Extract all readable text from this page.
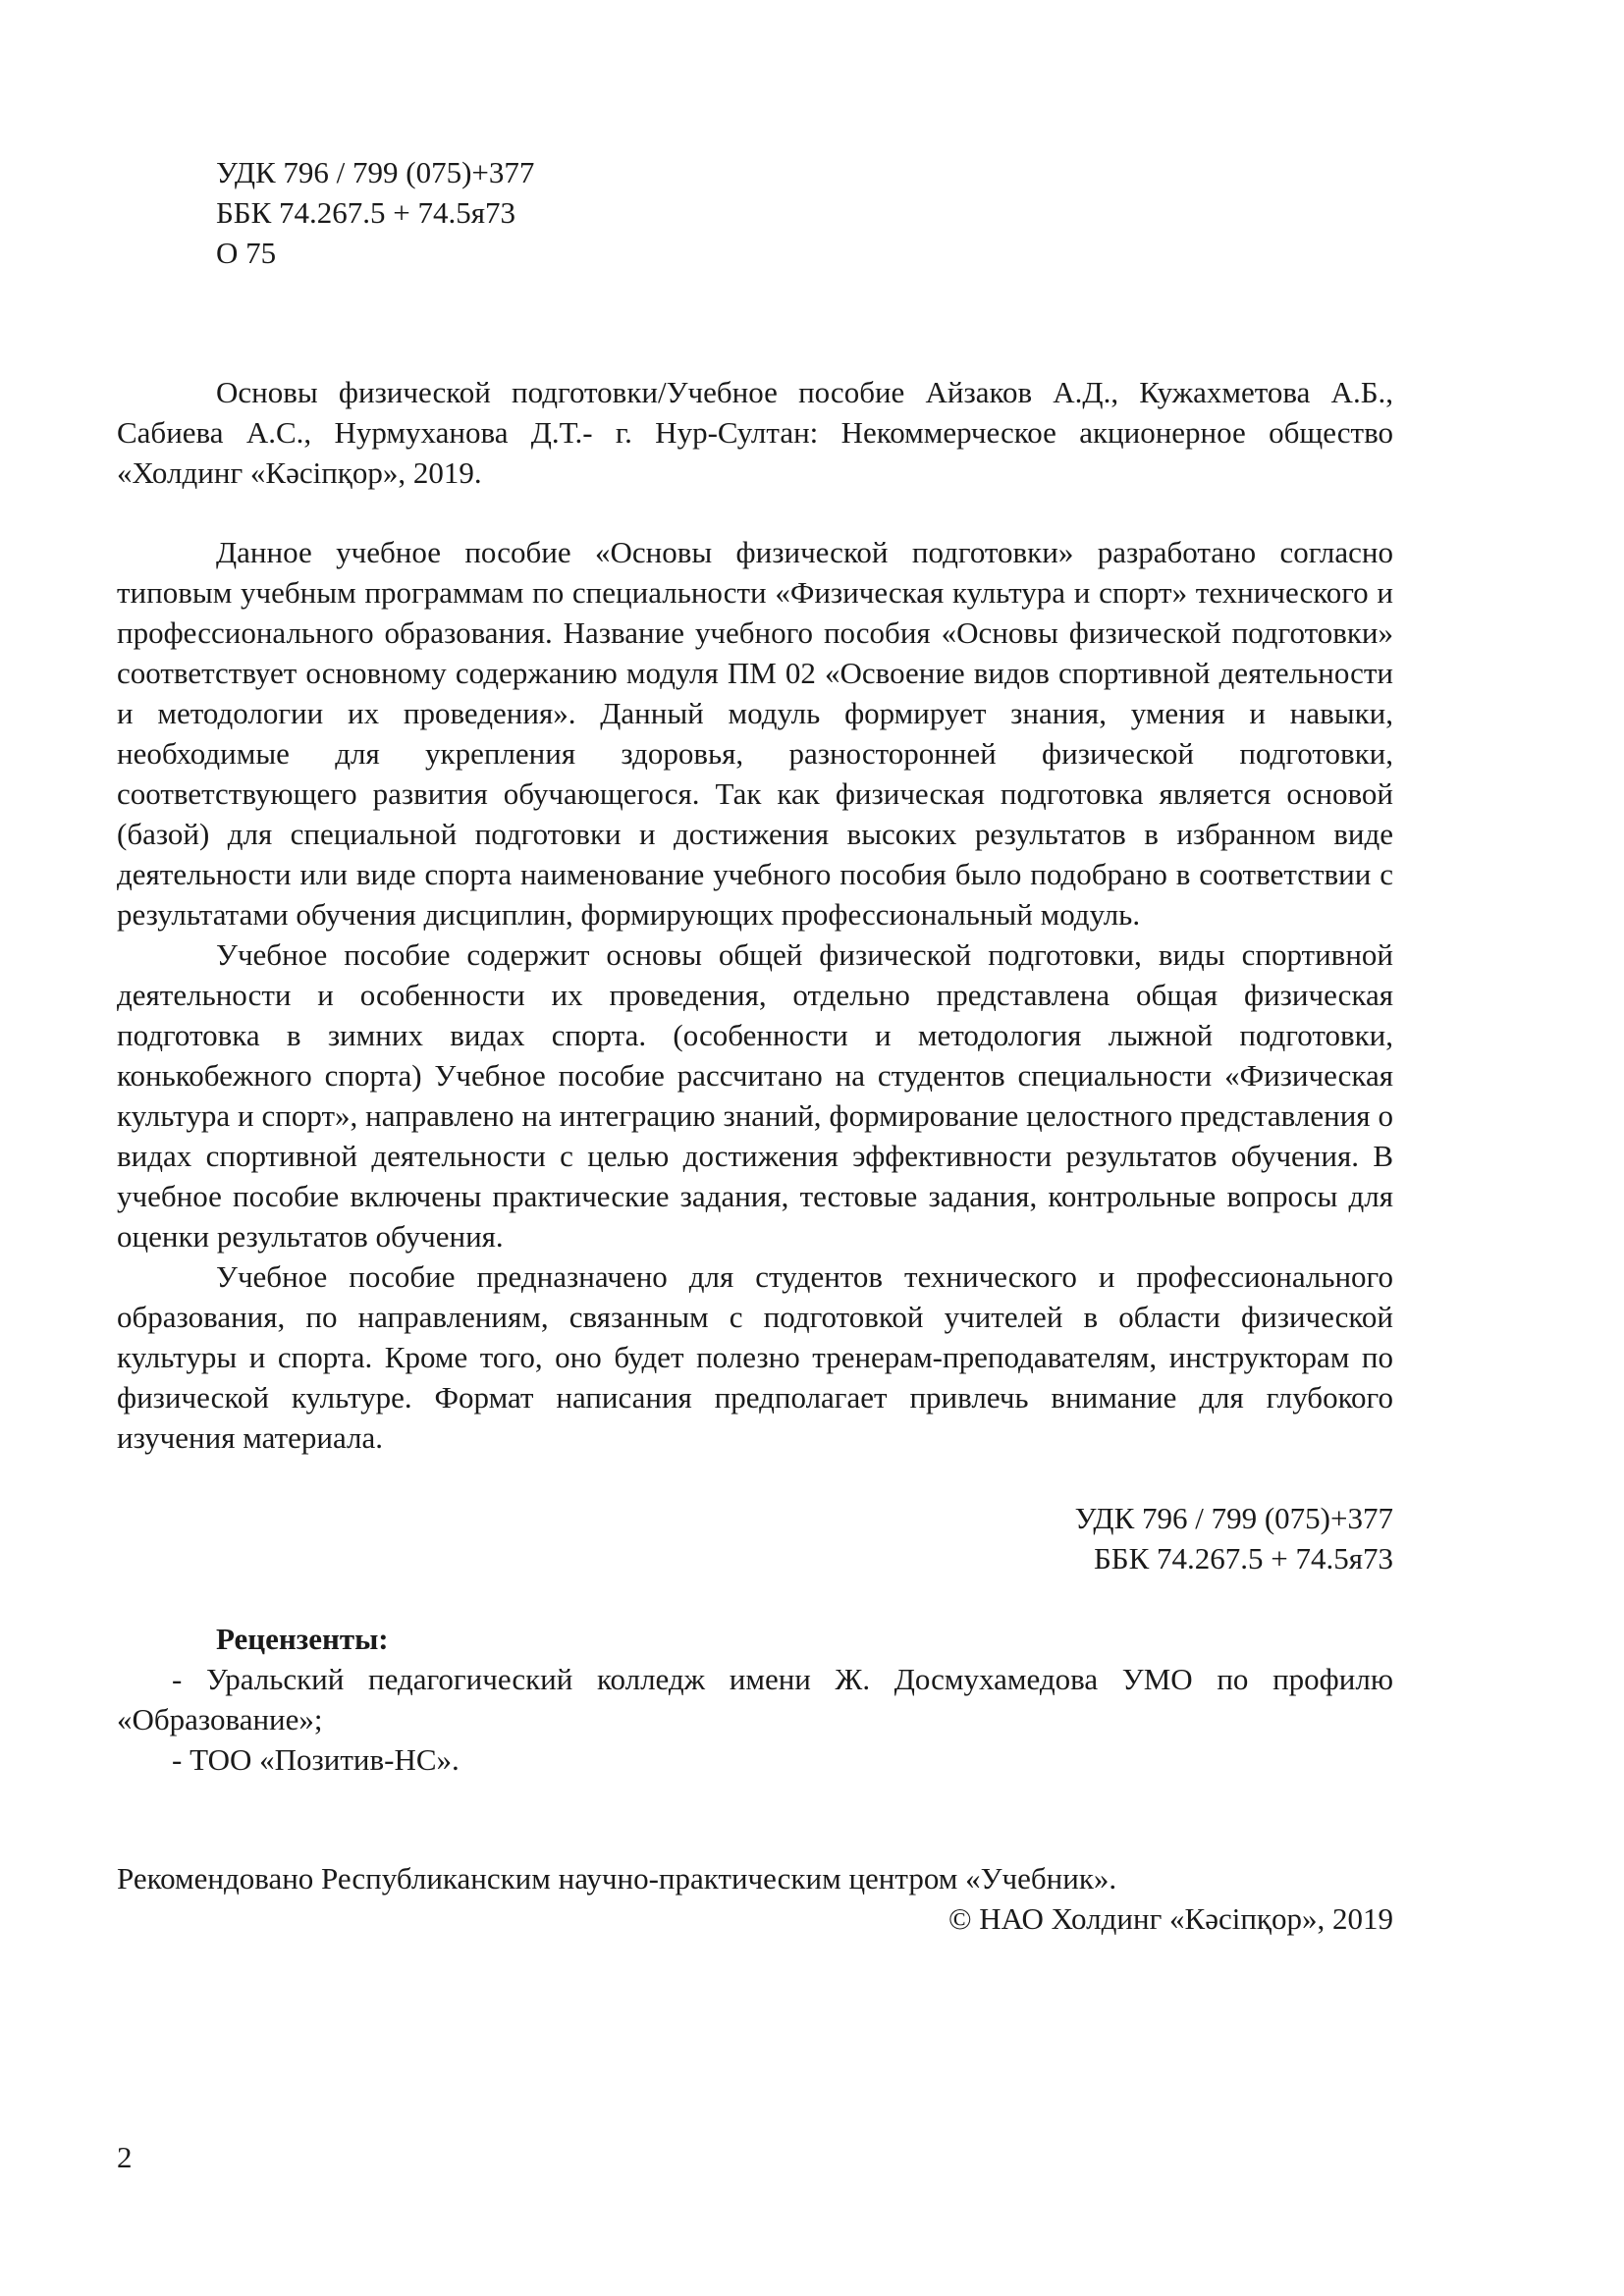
УДК 796 / 799 (075)+377
ББК 74.267.5 + 74.5я73
О 75
Основы физической подготовки/Учебное пособие Айзаков А.Д., Кужахметова А.Б., Сабиева А.С., Нурмуханова Д.Т.- г. Нур-Султан: Некоммерческое акционерное общество «Холдинг «Кәсіпқор», 2019.

Данное учебное пособие «Основы физической подготовки» разработано согласно типовым учебным программам по специальности «Физическая культура и спорт» технического и профессионального образования. Название учебного пособия «Основы физической подготовки» соответствует основному содержанию модуля ПМ 02 «Освоение видов спортивной деятельности и методологии их проведения». Данный модуль формирует знания, умения и навыки, необходимые для укрепления здоровья, разносторонней физической подготовки, соответствующего развития обучающегося. Так как физическая подготовка является основой (базой) для специальной подготовки и достижения высоких результатов в избранном виде деятельности или виде спорта наименование учебного пособия было подобрано в соответствии с результатами обучения дисциплин, формирующих профессиональный модуль.

Учебное пособие содержит основы общей физической подготовки, виды спортивной деятельности и особенности их проведения, отдельно представлена общая физическая подготовка в зимних видах спорта. (особенности и методология лыжной подготовки, конькобежного спорта) Учебное пособие рассчитано на студентов специальности «Физическая культура и спорт», направлено на интеграцию знаний, формирование целостного представления о видах спортивной деятельности с целью достижения эффективности результатов обучения. В учебное пособие включены практические задания, тестовые задания, контрольные вопросы для оценки результатов обучения.

Учебное пособие предназначено для студентов технического и профессионального образования, по направлениям, связанным с подготовкой учителей в области физической культуры и спорта. Кроме того, оно будет полезно тренерам-преподавателям, инструкторам по физической культуре. Формат написания предполагает привлечь внимание для глубокого изучения материала.

УДК 796 / 799 (075)+377
ББК 74.267.5 + 74.5я73
Рецензенты:
- Уральский педагогический колледж имени Ж. Досмухамедова УМО по профилю «Образование»;
- ТОО «Позитив-НС».
Рекомендовано Республиканским научно-практическим центром «Учебник».
© НАО Холдинг «Кәсіпқор», 2019
2
